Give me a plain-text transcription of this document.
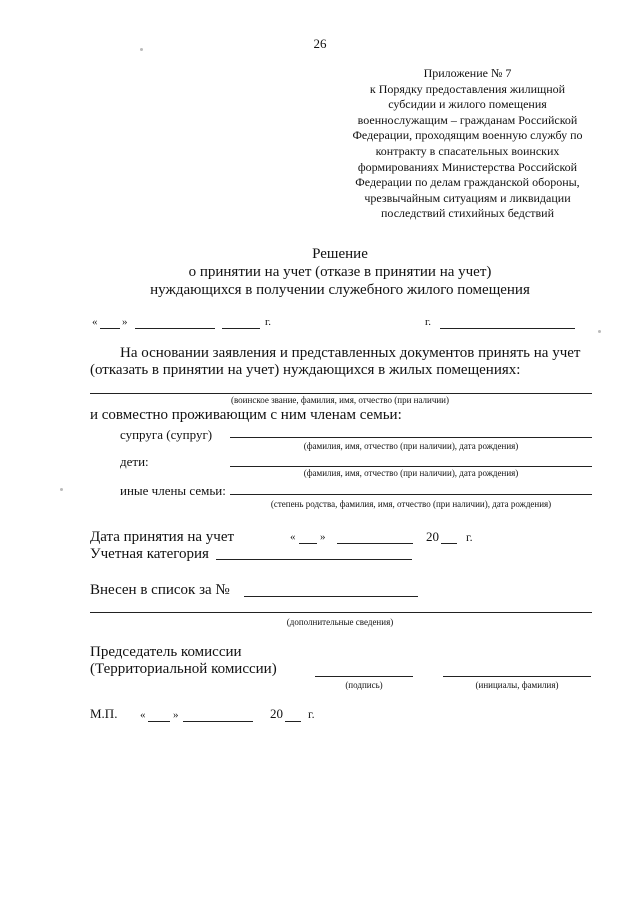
26
Приложение № 7
к Порядку предоставления жилищной
субсидии и жилого помещения
военнослужащим – гражданам Российской
Федерации, проходящим военную службу по
контракту в спасательных воинских
формированиях Министерства Российской
Федерации по делам гражданской обороны,
чрезвычайным ситуациям и ликвидации
последствий стихийных бедствий
Решение
о принятии на учет (отказе в принятии на учет)
нуждающихся в получении служебного жилого помещения
« »	г.	г.
На основании заявления и представленных документов принять на учет
(отказать в принятии на учет) нуждающихся в жилых помещениях:
(воинское звание, фамилия, имя, отчество (при наличии)
и совместно проживающим с ним членам семьи:
супруга (супруг)
(фамилия, имя, отчество (при наличии), дата рождения)
дети:
(фамилия, имя, отчество (при наличии), дата рождения)
иные члены семьи:
(степень родства, фамилия, имя, отчество (при наличии), дата рождения)
Дата принятия на учет	« »	20 г.
Учетная категория
Внесен в список за №
(дополнительные сведения)
Председатель комиссии
(Территориальной комиссии)
(подпись)	(инициалы, фамилия)
М.П. «	»	20 г.
